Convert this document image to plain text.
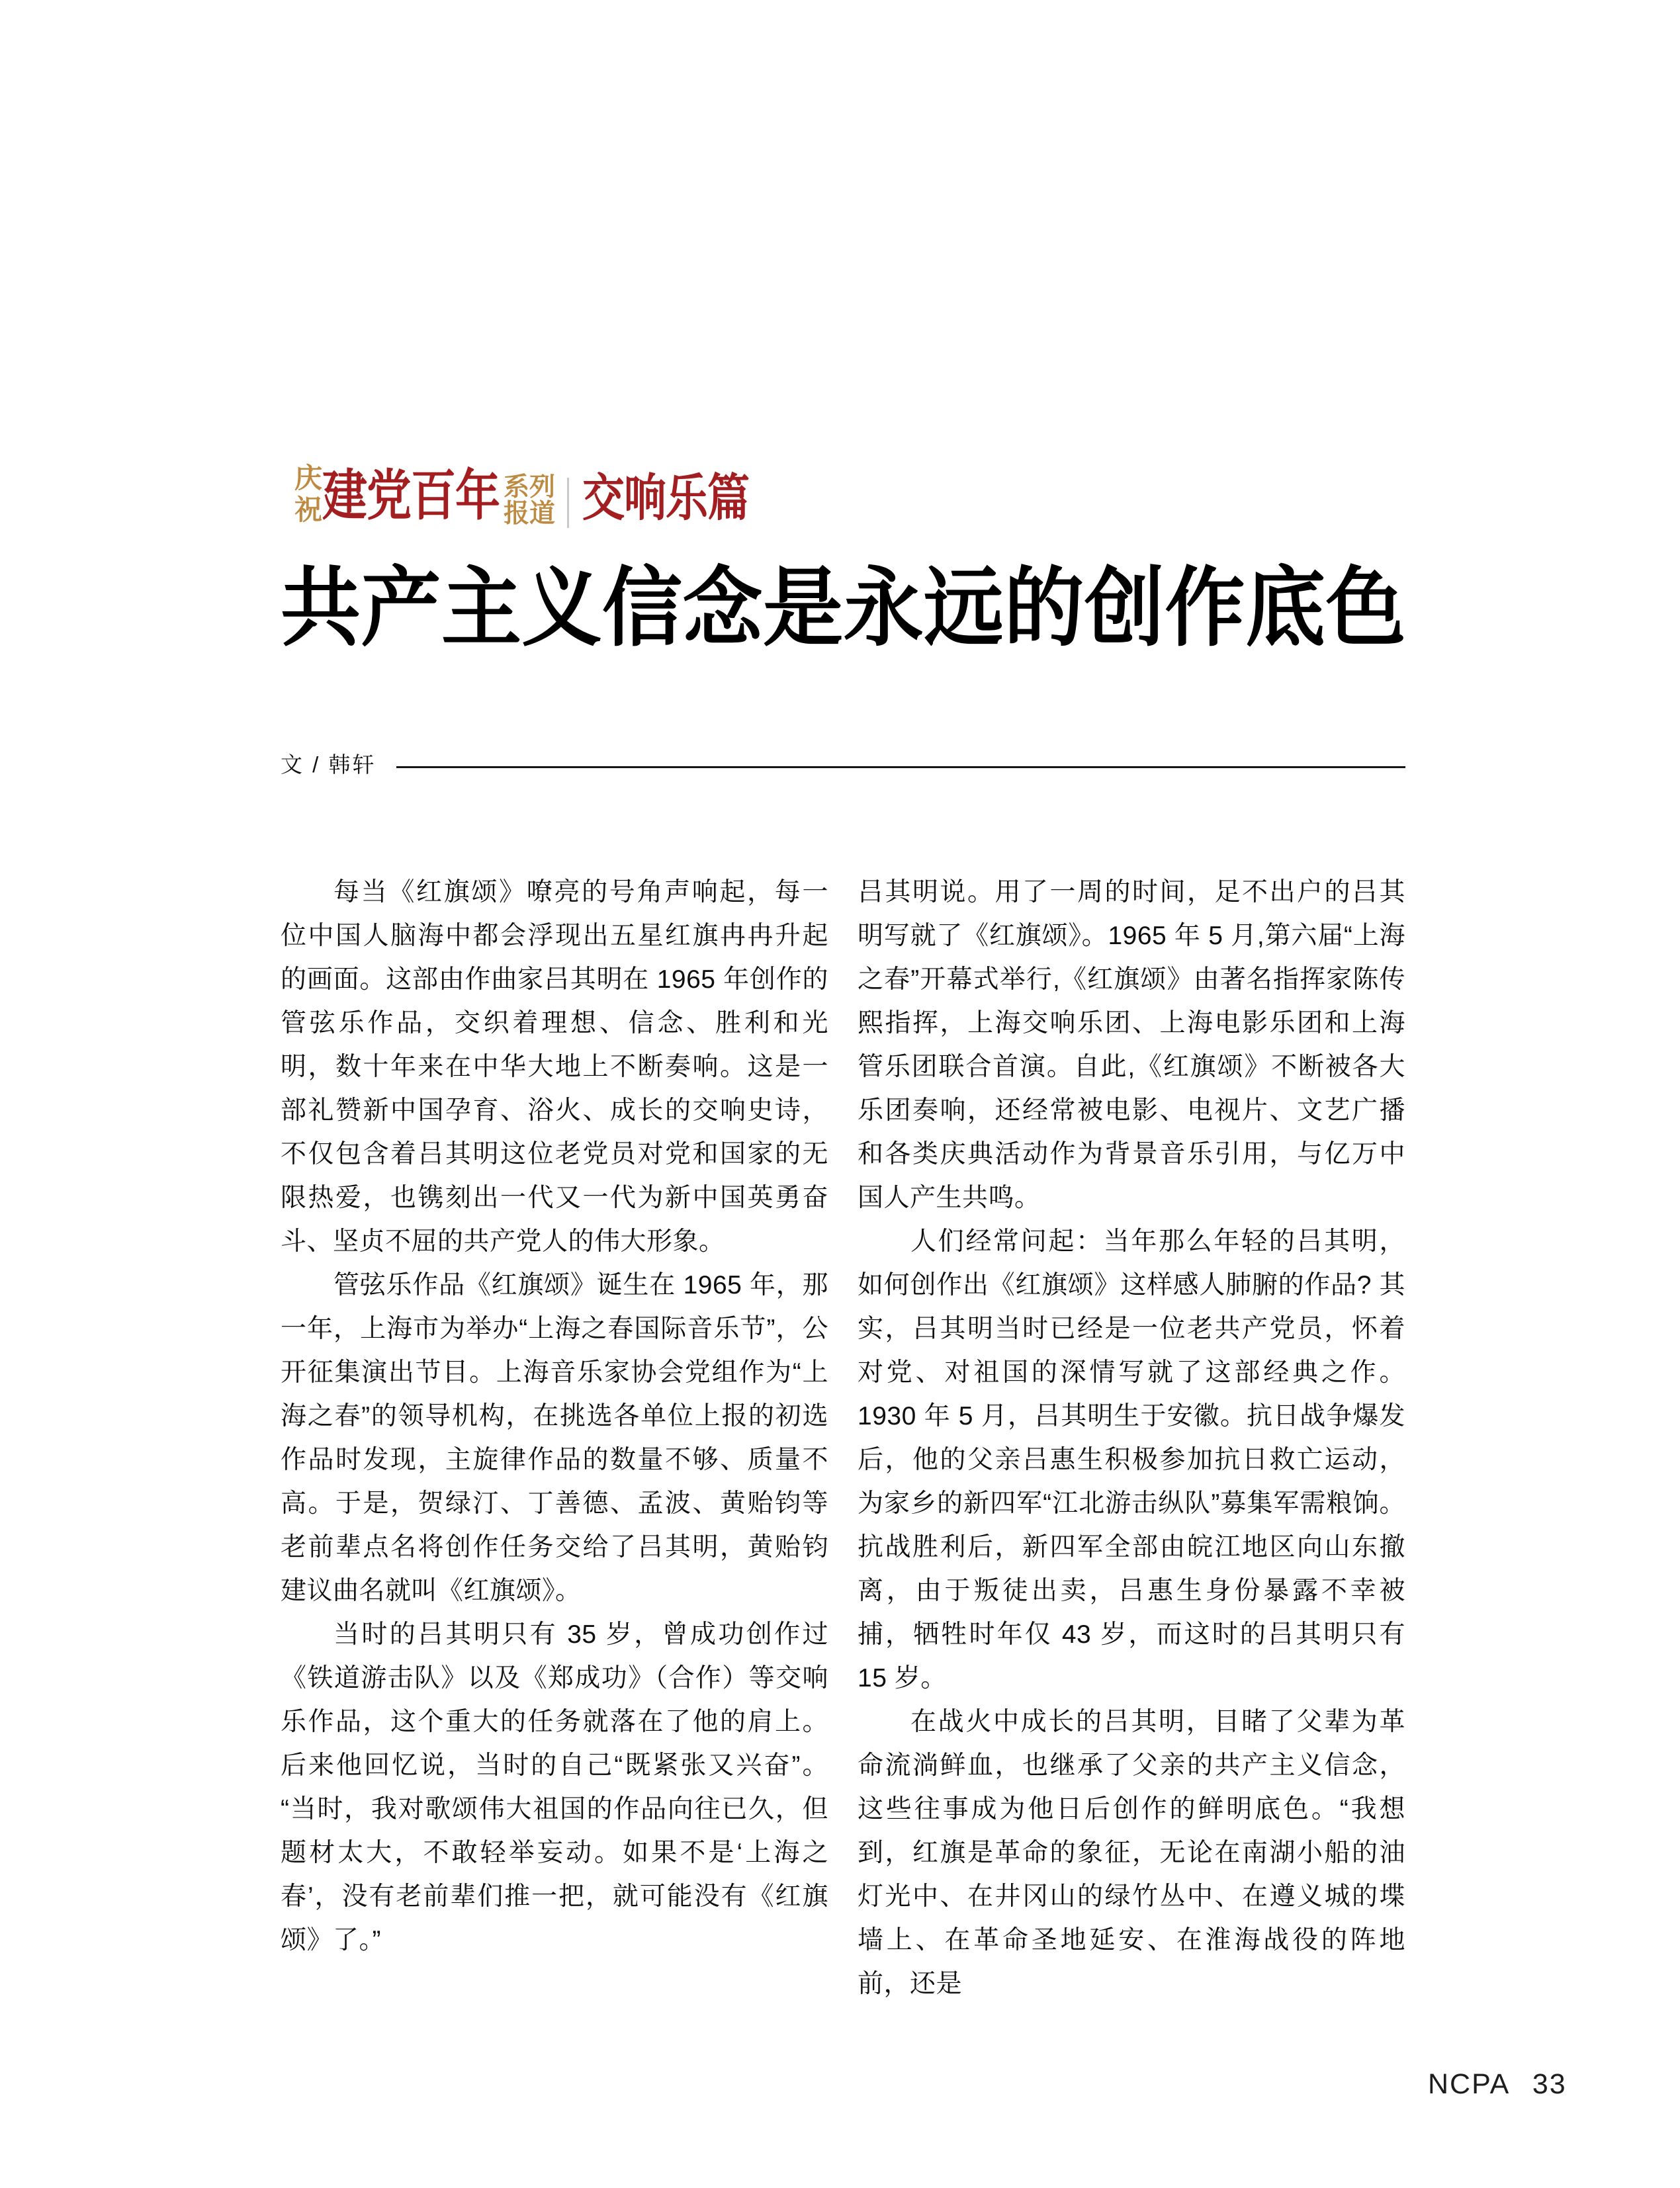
庆祝 建党百年 系列
报道 交响乐篇
共产主义信念是永远的创作底色
文 / 韩轩

每当《红旗颂》嘹亮的号角声响起，每一位中国人脑海中都会浮现出五星红旗冉冉升起的画面。这部由作曲家吕其明在 1965 年创作的管弦乐作品，交织着理想、信念、胜利和光明，数十年来在中华大地上不断奏响。这是一部礼赞新中国孕育、浴火、成长的交响史诗，不仅包含着吕其明这位老党员对党和国家的无限热爱，也镌刻出一代又一代为新中国英勇奋斗、坚贞不屈的共产党人的伟大形象。

管弦乐作品《红旗颂》诞生在 1965 年，那一年，上海市为举办“上海之春国际音乐节”，公开征集演出节目。上海音乐家协会党组作为“上海之春”的领导机构，在挑选各单位上报的初选作品时发现，主旋律作品的数量不够、质量不高。于是，贺绿汀、丁善德、孟波、黄贻钧等老前辈点名将创作任务交给了吕其明，黄贻钧建议曲名就叫《红旗颂》。

当时的吕其明只有 35 岁，曾成功创作过《铁道游击队》以及《郑成功》（合作）等交响乐作品，这个重大的任务就落在了他的肩上。后来他回忆说，当时的自己“既紧张又兴奋”。“当时，我对歌颂伟大祖国的作品向往已久，但题材太大，不敢轻举妄动。如果不是‘上海之春’，没有老前辈们推一把，就可能没有《红旗颂》了。”

吕其明说。用了一周的时间，足不出户的吕其明写就了《红旗颂》。1965 年 5 月,第六届“上海之春”开幕式举行,《红旗颂》由著名指挥家陈传熙指挥，上海交响乐团、上海电影乐团和上海管乐团联合首演。自此,《红旗颂》不断被各大乐团奏响，还经常被电影、电视片、文艺广播和各类庆典活动作为背景音乐引用，与亿万中国人产生共鸣。

人们经常问起：当年那么年轻的吕其明，如何创作出《红旗颂》这样感人肺腑的作品? 其实，吕其明当时已经是一位老共产党员，怀着对党、对祖国的深情写就了这部经典之作。1930 年 5 月，吕其明生于安徽。抗日战争爆发后，他的父亲吕惠生积极参加抗日救亡运动，为家乡的新四军“江北游击纵队”募集军需粮饷。抗战胜利后，新四军全部由皖江地区向山东撤离，由于叛徒出卖，吕惠生身份暴露不幸被捕，牺牲时年仅 43 岁，而这时的吕其明只有 15 岁。

在战火中成长的吕其明，目睹了父辈为革命流淌鲜血，也继承了父亲的共产主义信念，这些往事成为他日后创作的鲜明底色。“我想到，红旗是革命的象征，无论在南湖小船的油灯光中、在井冈山的绿竹丛中、在遵义城的堞墙上、在革命圣地延安、在淮海战役的阵地前，还是

NCPA 33
